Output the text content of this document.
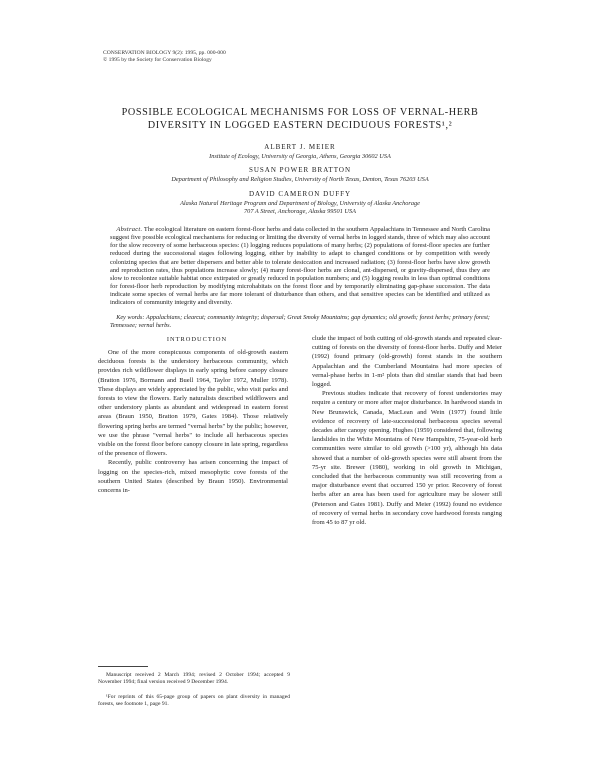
CONSERVATION BIOLOGY 9(2): 1995, pp. 000-000
© 1995 by the Society for Conservation Biology
POSSIBLE ECOLOGICAL MECHANISMS FOR LOSS OF VERNAL-HERB
DIVERSITY IN LOGGED EASTERN DECIDUOUS FORESTS¹,²
ALBERT J. MEIER
Institute of Ecology, University of Georgia, Athens, Georgia 30602 USA
SUSAN POWER BRATTON
Department of Philosophy and Religion Studies, University of North Texas, Denton, Texas 76203 USA
DAVID CAMERON DUFFY
Alaska Natural Heritage Program and Department of Biology, University of Alaska Anchorage
707 A Street, Anchorage, Alaska 99501 USA
 Abstract. The ecological literature on eastern forest-floor herbs and data collected in the southern Appalachians in Tennessee and North Carolina suggest five possible ecological mechanisms for reducing or limiting the diversity of vernal herbs in logged stands, three of which may also account for the slow recovery of some herbaceous species: (1) logging reduces populations of many herbs; (2) populations of forest-floor species are further reduced during the successional stages following logging, either by inability to adapt to changed conditions or by competition with weedy colonizing species that are better dispersers and better able to tolerate desiccation and increased radiation; (3) forest-floor herbs have slow growth and reproduction rates, thus populations increase slowly; (4) many forest-floor herbs are clonal, ant-dispersed, or gravity-dispersed, thus they are slow to recolonize suitable habitat once extirpated or greatly reduced in population numbers; and (5) logging results in less than optimal conditions for forest-floor herb reproduction by modifying microhabitats on the forest floor and by temporarily eliminating gap-phase succession. The data indicate some species of vernal herbs are far more tolerant of disturbance than others, and that sensitive species can be identified and utilized as indicators of community integrity and diversity.
 Key words: Appalachians; clearcut; community integrity; dispersal; Great Smoky Mountains; gap dynamics; old growth; forest herbs; primary forest; Tennessee; vernal herbs.
INTRODUCTION

One of the more conspicuous components of old-growth eastern deciduous forests is the understory herbaceous community, which provides rich wildflower displays in early spring before canopy closure (Bratton 1976, Bormann and Buell 1964, Taylor 1972, Muller 1978). These displays are widely appreciated by the public, who visit parks and forests to view the flowers. Early naturalists described wildflowers and other understory plants as abundant and widespread in eastern forest areas (Braun 1950, Bratton 1979, Gates 1984). Those relatively flowering spring herbs are termed "vernal herbs" by the public; however, we use the phrase "vernal herbs" to include all herbaceous species visible on the forest floor before canopy closure in late spring, regardless of the presence of flowers.

Recently, public controversy has arisen concerning the impact of logging on the species-rich, mixed mesophytic cove forests of the southern United States (described by Braun 1950). Environmental concerns in-

clude the impact of both cutting of old-growth stands and repeated clear-cutting of forests on the diversity of forest-floor herbs. Duffy and Meier (1992) found primary (old-growth) forest stands in the southern Appalachian and the Cumberland Mountains had more species of vernal-phase herbs in 1-m² plots than did similar stands that had been logged.

Previous studies indicate that recovery of forest understories may require a century or more after major disturbance. In hardwood stands in New Brunswick, Canada, MacLean and Wein (1977) found little evidence of recovery of late-successional herbaceous species several decades after canopy opening. Hughes (1959) considered that, following landslides in the White Mountains of New Hampshire, 75-year-old herb communities were similar to old growth (>100 yr), although his data showed that a number of old-growth species were still absent from the 75-yr site. Brewer (1980), working in old growth in Michigan, concluded that the herbaceous community was still recovering from a major disturbance event that occurred 150 yr prior. Recovery of forest herbs after an area has been used for agriculture may be slower still (Peterson and Gates 1981). Duffy and Meier (1992) found no evidence of recovery of vernal herbs in secondary cove hardwood forests ranging from 45 to 87 yr old.

Manuscript received 2 March 1994; revised 2 October 1994; accepted 9 November 1994; final version received 9 December 1994.
¹For reprints of this 65-page group of papers on plant diversity in managed forests, see footnote 1, page 91.
